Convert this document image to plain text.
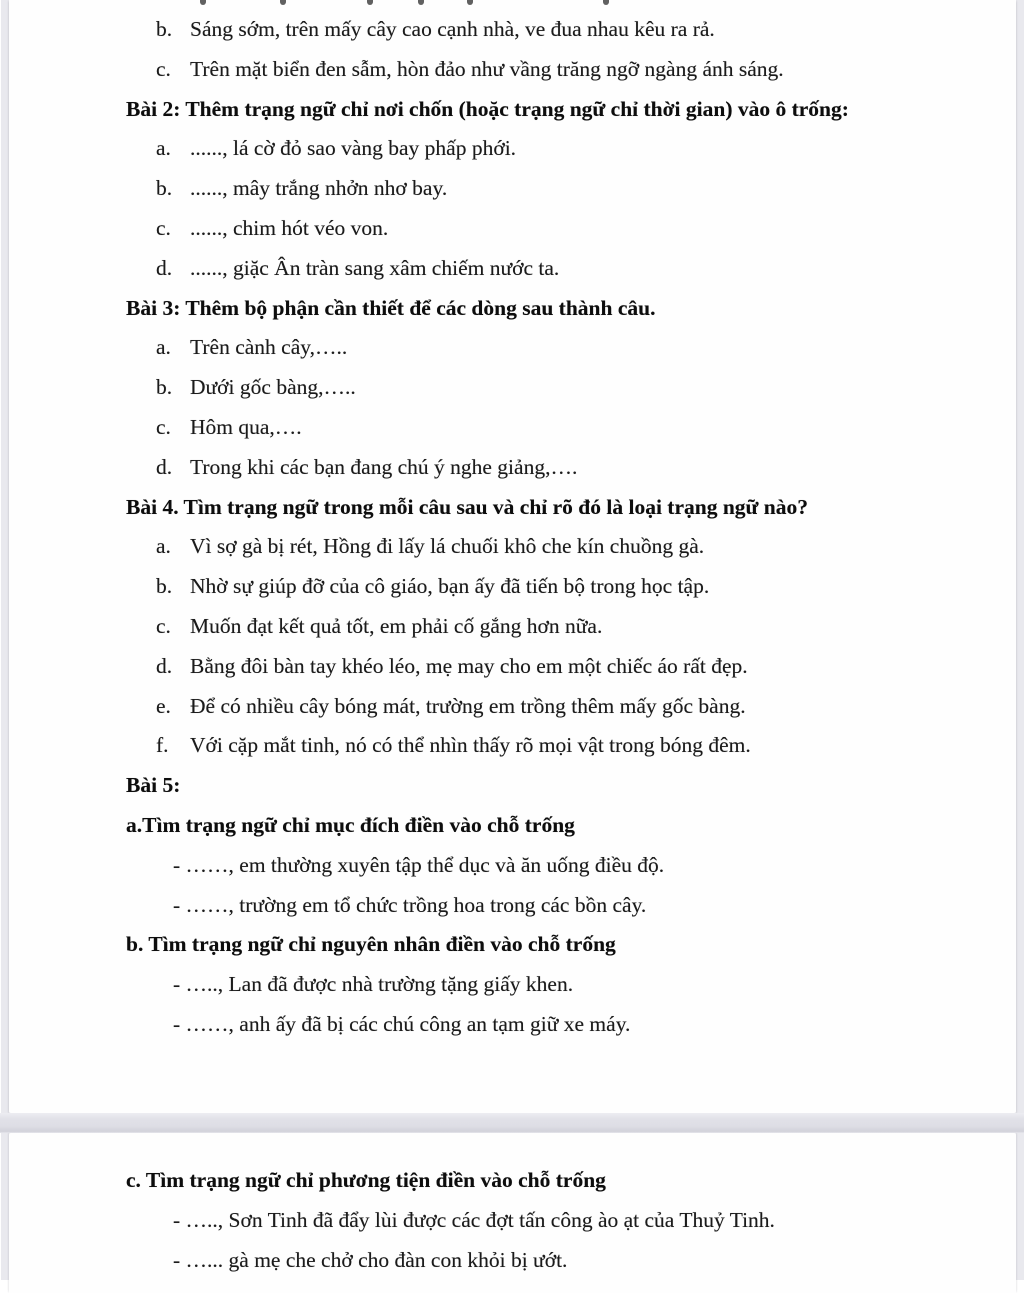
b. Sáng sớm, trên mấy cây cao cạnh nhà, ve đua nhau kêu ra rả.
c. Trên mặt biển đen sẫm, hòn đảo như vầng trăng ngỡ ngàng ánh sáng.
Bài 2: Thêm trạng ngữ chỉ nơi chốn (hoặc trạng ngữ chỉ thời gian) vào ô trống:
a. ......, lá cờ đỏ sao vàng bay phấp phới.
b. ......, mây trắng nhởn nhơ bay.
c. ......, chim hót véo von.
d. ......, giặc Ân tràn sang xâm chiếm nước ta.
Bài 3: Thêm bộ phận cần thiết để các dòng sau thành câu.
a. Trên cành cây,…..
b. Dưới gốc bàng,…..
c. Hôm qua,….
d. Trong khi các bạn đang chú ý nghe giảng,….
Bài 4. Tìm trạng ngữ trong mỗi câu sau và chỉ rõ đó là loại trạng ngữ nào?
a. Vì sợ gà bị rét, Hồng đi lấy lá chuối khô che kín chuồng gà.
b. Nhờ sự giúp đỡ của cô giáo, bạn ấy đã tiến bộ trong học tập.
c. Muốn đạt kết quả tốt, em phải cố gắng hơn nữa.
d. Bằng đôi bàn tay khéo léo, mẹ may cho em một chiếc áo rất đẹp.
e. Để có nhiều cây bóng mát, trường em trồng thêm mấy gốc bàng.
f. Với cặp mắt tinh, nó có thể nhìn thấy rõ mọi vật trong bóng đêm.
Bài 5:
a.Tìm trạng ngữ chỉ mục đích điền vào chỗ trống
- ……, em thường xuyên tập thể dục và ăn uống điều độ.
- ……, trường em tổ chức trồng hoa trong các bồn cây.
b. Tìm trạng ngữ chỉ nguyên nhân điền vào chỗ trống
- ….., Lan đã được nhà trường tặng giấy khen.
- ……, anh ấy đã bị các chú công an tạm giữ xe máy.
c. Tìm trạng ngữ chỉ phương tiện điền vào chỗ trống
- ….., Sơn Tinh đã đẩy lùi được các đợt tấn công ào ạt của Thuỷ Tinh.
- …... gà mẹ che chở cho đàn con khỏi bị ướt.
